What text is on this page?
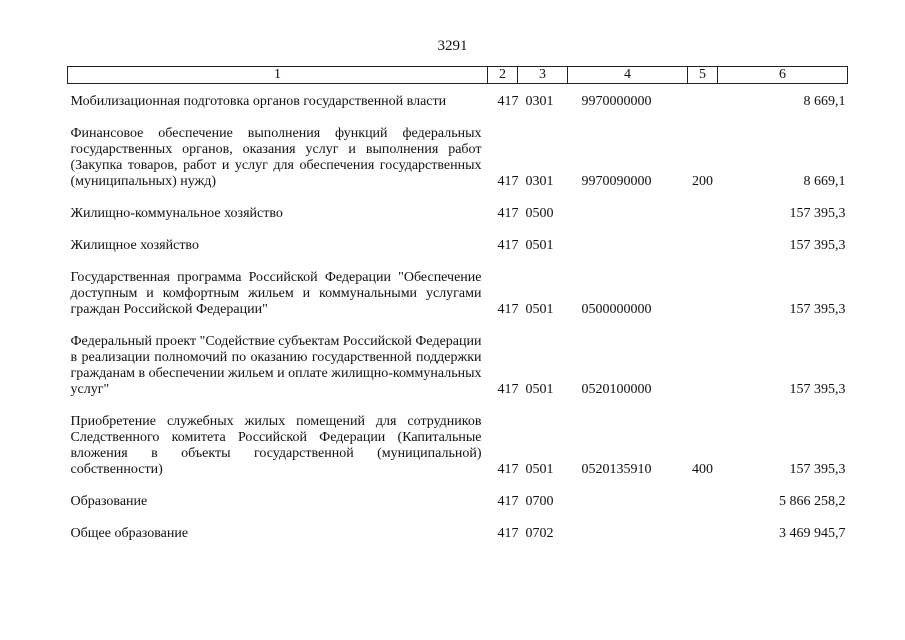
3291
1	2	3	4	5	6
Мобилизационная подготовка органов государственной власти	417	0301	9970000000		8 669,1

Финансовое обеспечение выполнения функций федеральных государственных органов, оказания услуг и выполнения работ (Закупка товаров, работ и услуг для обеспечения государственных (муниципальных) нужд)	417	0301	9970090000	200	8 669,1

Жилищно-коммунальное хозяйство	417	0500			157 395,3

Жилищное хозяйство	417	0501			157 395,3

Государственная программа Российской Федерации "Обеспечение доступным и комфортным жильем и коммунальными услугами граждан Российской Федерации"	417	0501	0500000000		157 395,3

Федеральный проект "Содействие субъектам Российской Федерации в реализации полномочий по оказанию государственной поддержки гражданам в обеспечении жильем и оплате жилищно-коммунальных услуг"	417	0501	0520100000		157 395,3

Приобретение служебных жилых помещений для сотрудников Следственного комитета Российской Федерации (Капитальные вложения в объекты государственной (муниципальной) собственности)	417	0501	0520135910	400	157 395,3

Образование	417	0700			5 866 258,2

Общее образование	417	0702			3 469 945,7
